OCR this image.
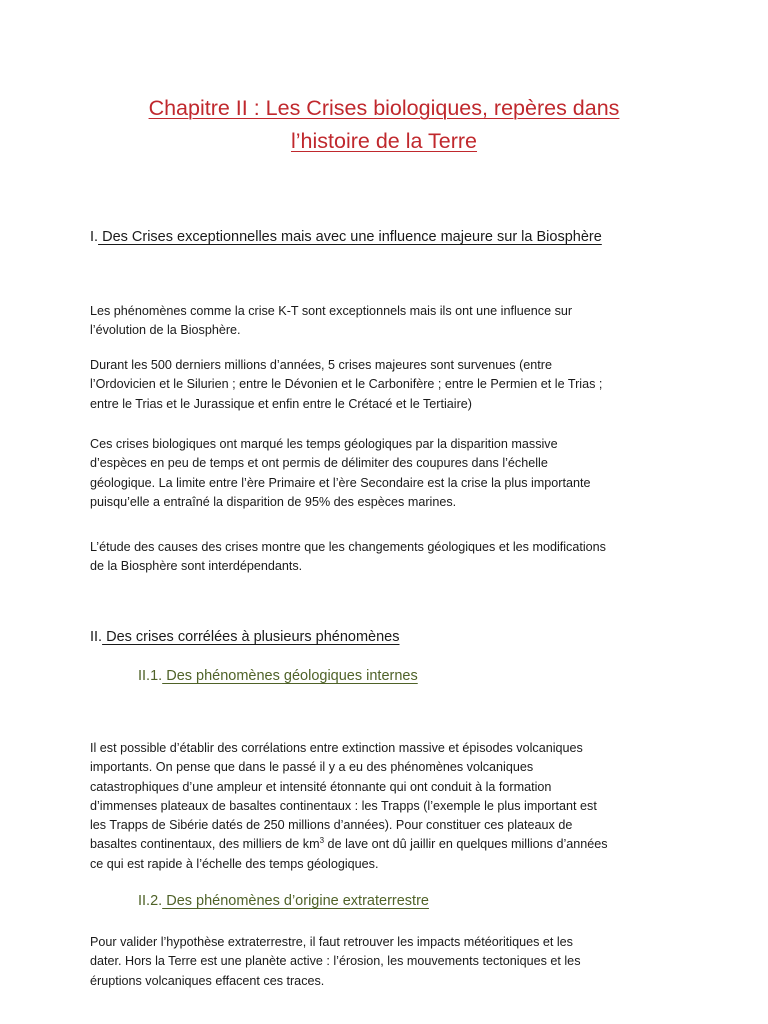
Chapitre II : Les Crises biologiques, repères dans
l’histoire de la Terre
I. Des Crises exceptionnelles mais avec une influence majeure sur la Biosphère

Les phénomènes comme la crise K-T sont exceptionnels mais ils ont une influence sur
l’évolution de la Biosphère.

Durant les 500 derniers millions d’années, 5 crises majeures sont survenues (entre
l’Ordovicien et le Silurien ; entre le Dévonien et le Carbonifère ; entre le Permien et le Trias ;
entre le Trias et le Jurassique et enfin entre le Crétacé et le Tertiaire)

Ces crises biologiques ont marqué les temps géologiques par la disparition massive
d’espèces en peu de temps et ont permis de délimiter des coupures dans l’échelle
géologique. La limite entre l’ère Primaire et l’ère Secondaire est la crise la plus importante
puisqu’elle a entraîné la disparition de 95% des espèces marines.

L’étude des causes des crises montre que les changements géologiques et les modifications
de la Biosphère sont interdépendants.

II. Des crises corrélées à plusieurs phénomènes
II.1. Des phénomènes géologiques internes

Il est possible d’établir des corrélations entre extinction massive et épisodes volcaniques
importants. On pense que dans le passé il y a eu des phénomènes volcaniques
catastrophiques d’une ampleur et intensité étonnante qui ont conduit à la formation
d’immenses plateaux de basaltes continentaux : les Trapps (l’exemple le plus important est
les Trapps de Sibérie datés de 250 millions d’années). Pour constituer ces plateaux de
basaltes continentaux, des milliers de $km^3$ de lave ont dû jaillir en quelques millions d’années
ce qui est rapide à l’échelle des temps géologiques.

II.2. Des phénomènes d’origine extraterrestre

Pour valider l’hypothèse extraterrestre, il faut retrouver les impacts météoritiques et les
dater. Hors la Terre est une planète active : l’érosion, les mouvements tectoniques et les
éruptions volcaniques effacent ces traces.
